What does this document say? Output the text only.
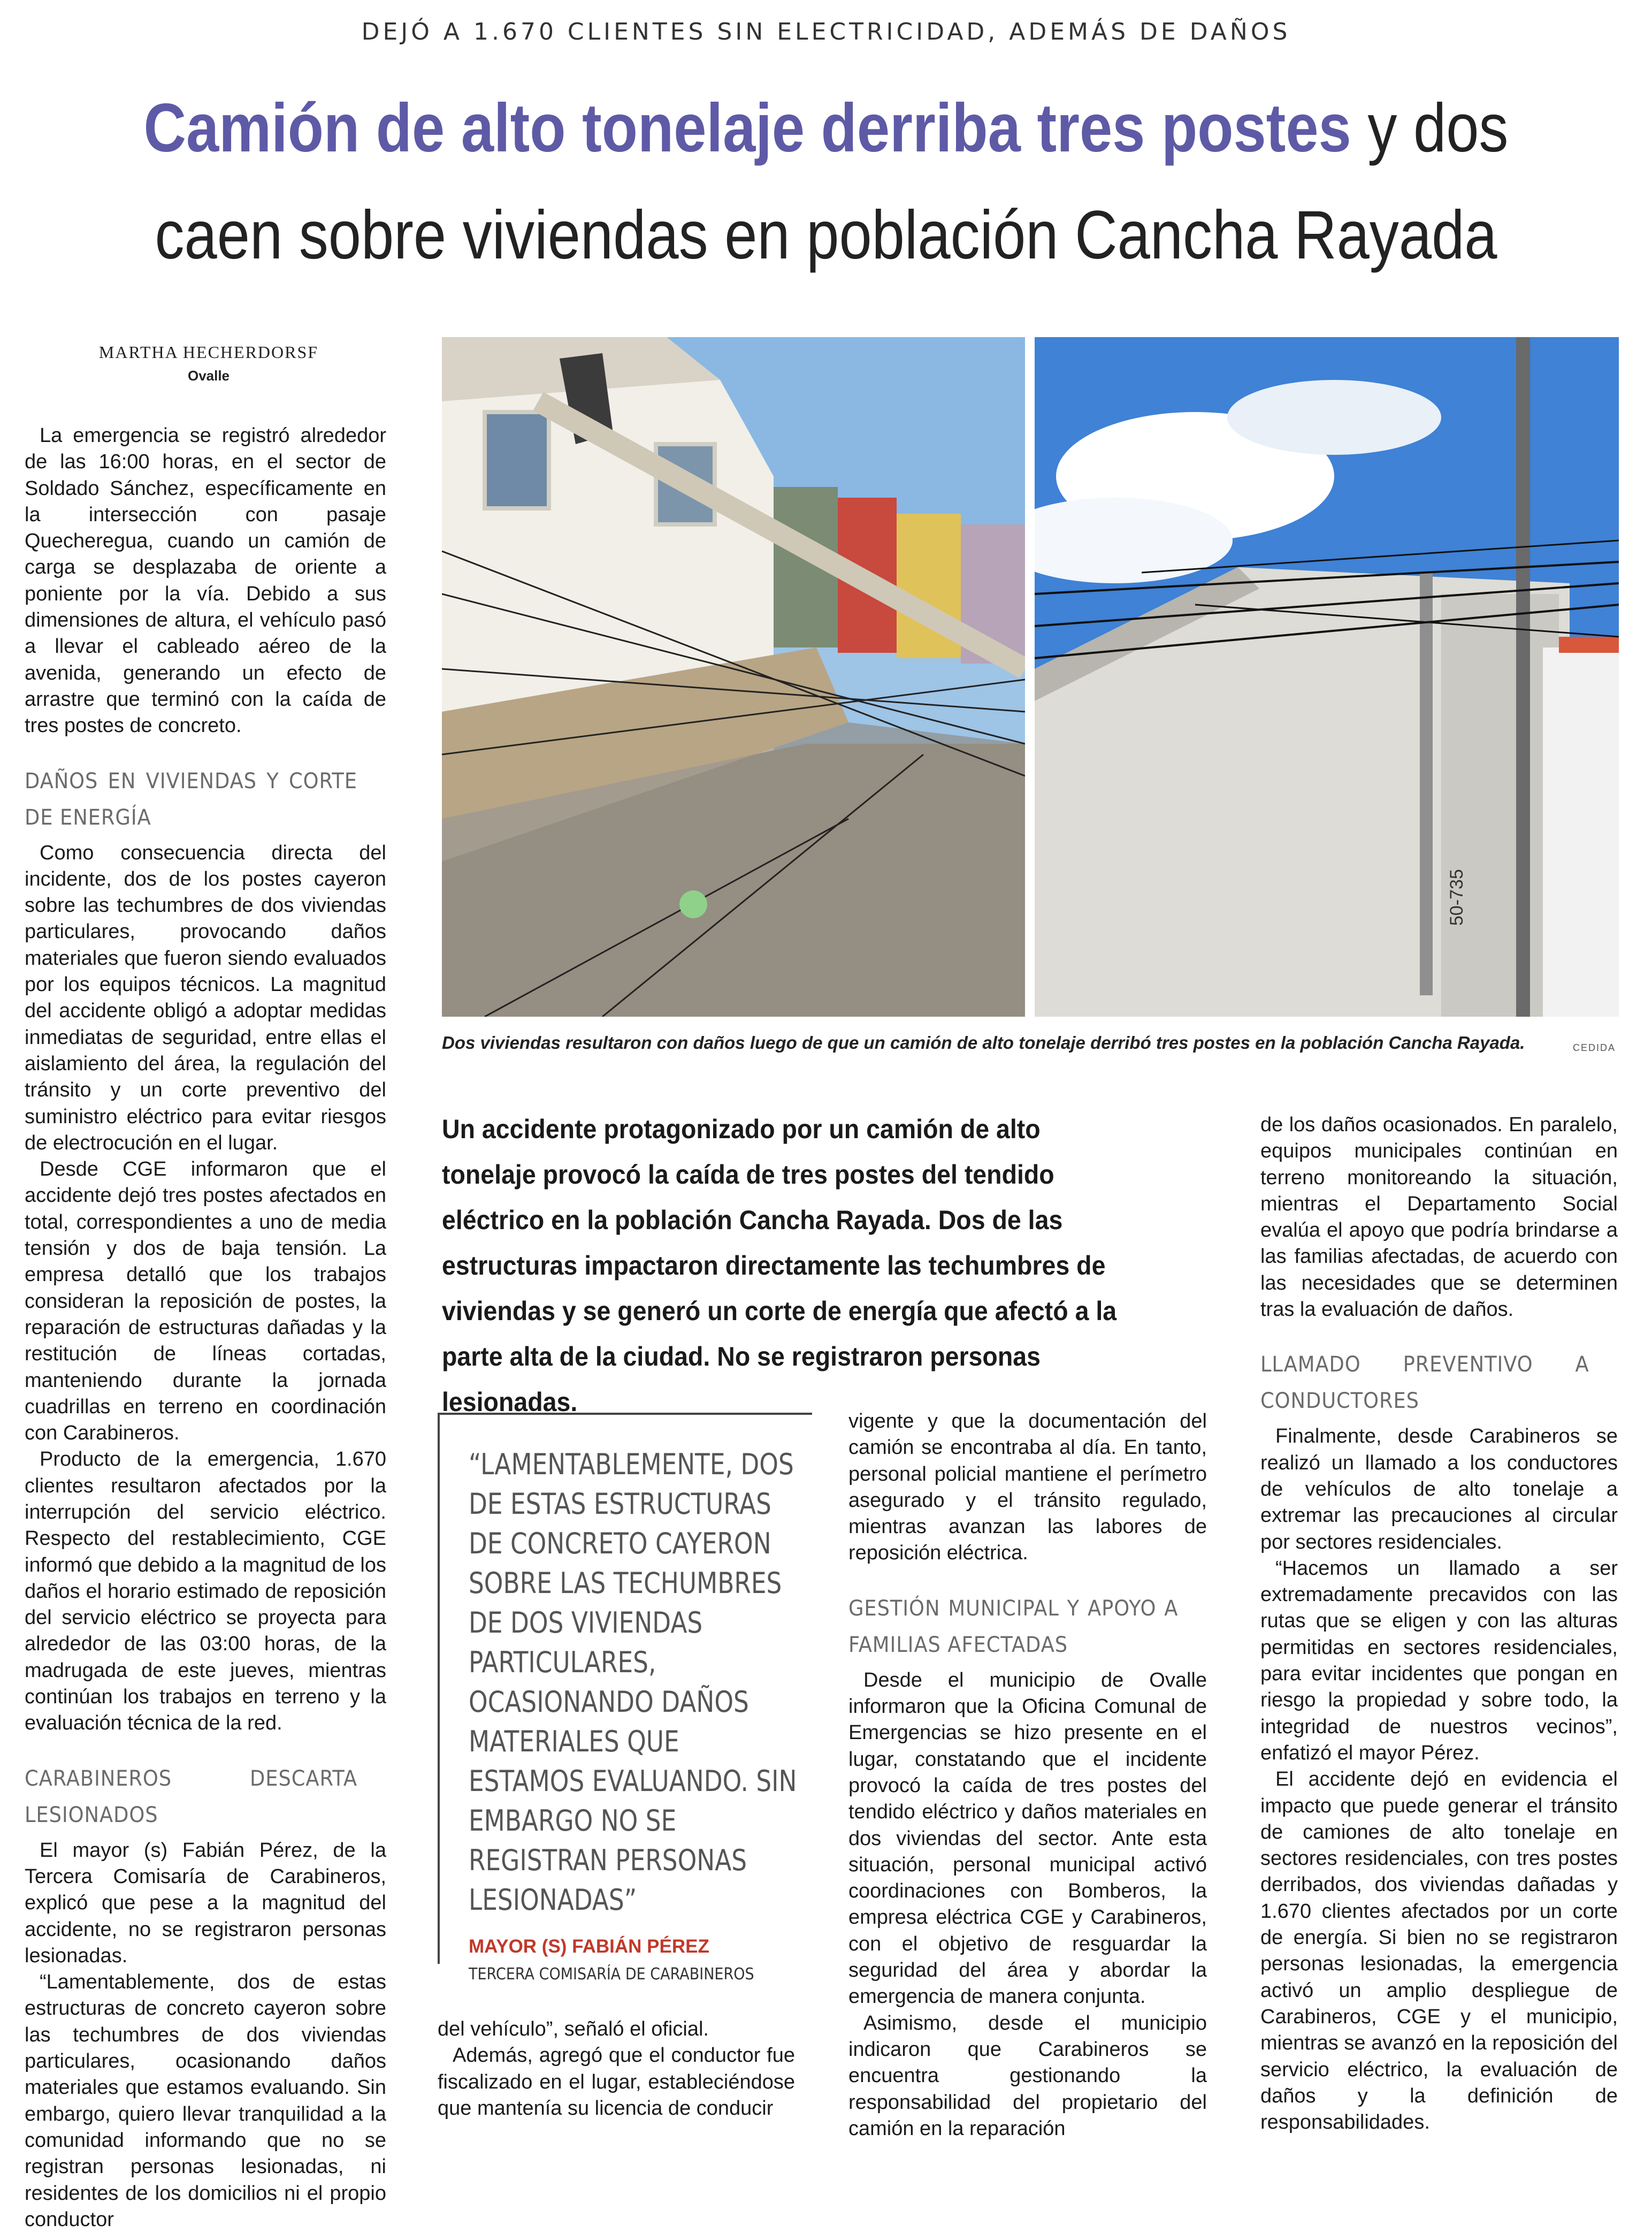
DEJÓ A 1.670 CLIENTES SIN ELECTRICIDAD, ADEMÁS DE DAÑOS
Camión de alto tonelaje derriba tres postes y dos caen sobre viviendas en población Cancha Rayada
MARTHA HECHERDORSF
Ovalle

La emergencia se registró alrededor de las 16:00 horas, en el sector de Soldado Sánchez, específicamente en la intersección con pasaje Quecheregua, cuando un camión de carga se desplazaba de oriente a poniente por la vía. Debido a sus dimensiones de altura, el vehículo pasó a llevar el cableado aéreo de la avenida, generando un efecto de arrastre que terminó con la caída de tres postes de concreto.

DAÑOS EN VIVIENDAS Y CORTE DE ENERGÍA

Como consecuencia directa del incidente, dos de los postes cayeron sobre las techumbres de dos viviendas particulares, provocando daños materiales que fueron siendo evaluados por los equipos técnicos. La magnitud del accidente obligó a adoptar medidas inmediatas de seguridad, entre ellas el aislamiento del área, la regulación del tránsito y un corte preventivo del suministro eléctrico para evitar riesgos de electrocución en el lugar.

Desde CGE informaron que el accidente dejó tres postes afectados en total, correspondientes a uno de media tensión y dos de baja tensión. La empresa detalló que los trabajos consideran la reposición de postes, la reparación de estructuras dañadas y la restitución de líneas cortadas, manteniendo durante la jornada cuadrillas en terreno en coordinación con Carabineros.

Producto de la emergencia, 1.670 clientes resultaron afectados por la interrupción del servicio eléctrico. Respecto del restablecimiento, CGE informó que debido a la magnitud de los daños el horario estimado de reposición del servicio eléctrico se proyecta para alrededor de las 03:00 horas, de la madrugada de este jueves, mientras continúan los trabajos en terreno y la evaluación técnica de la red.

CARABINEROS DESCARTA LESIONADOS

El mayor (s) Fabián Pérez, de la Tercera Comisaría de Carabineros, explicó que pese a la magnitud del accidente, no se registraron personas lesionadas.

“Lamentablemente, dos de estas estructuras de concreto cayeron sobre las techumbres de dos viviendas particulares, ocasionando daños materiales que estamos evaluando. Sin embargo, quiero llevar tranquilidad a la comunidad informando que no se registran personas lesionadas, ni residentes de los domicilios ni el propio conductor

50-735
Dos viviendas resultaron con daños luego de que un camión de alto tonelaje derribó tres postes en la población Cancha Rayada.	CEDIDA
Un accidente protagonizado por un camión de alto tonelaje provocó la caída de tres postes del tendido eléctrico en la población Cancha Rayada. Dos de las estructuras impactaron directamente las techumbres de viviendas y se generó un corte de energía que afectó a la parte alta de la ciudad. No se registraron personas lesionadas.
“LAMENTABLEMENTE, DOS DE ESTAS ESTRUCTURAS DE CONCRETO CAYERON SOBRE LAS TECHUMBRES DE DOS VIVIENDAS PARTICULARES, OCASIONANDO DAÑOS MATERIALES QUE ESTAMOS EVALUANDO. SIN EMBARGO NO SE REGISTRAN PERSONAS LESIONADAS”
MAYOR (S) FABIÁN PÉREZ
TERCERA COMISARÍA DE CARABINEROS

del vehículo”, señaló el oficial.

Además, agregó que el conductor fue fiscalizado en el lugar, estableciéndose que mantenía su licencia de conducir

vigente y que la documentación del camión se encontraba al día. En tanto, personal policial mantiene el perímetro asegurado y el tránsito regulado, mientras avanzan las labores de reposición eléctrica.

GESTIÓN MUNICIPAL Y APOYO A FAMILIAS AFECTADAS

Desde el municipio de Ovalle informaron que la Oficina Comunal de Emergencias se hizo presente en el lugar, constatando que el incidente provocó la caída de tres postes del tendido eléctrico y daños materiales en dos viviendas del sector. Ante esta situación, personal municipal activó coordinaciones con Bomberos, la empresa eléctrica CGE y Carabineros, con el objetivo de resguardar la seguridad del área y abordar la emergencia de manera conjunta.

Asimismo, desde el municipio indicaron que Carabineros se encuentra gestionando la responsabilidad del propietario del camión en la reparación

de los daños ocasionados. En paralelo, equipos municipales continúan en terreno monitoreando la situación, mientras el Departamento Social evalúa el apoyo que podría brindarse a las familias afectadas, de acuerdo con las necesidades que se determinen tras la evaluación de daños.

LLAMADO PREVENTIVO A CONDUCTORES

Finalmente, desde Carabineros se realizó un llamado a los conductores de vehículos de alto tonelaje a extremar las precauciones al circular por sectores residenciales.

“Hacemos un llamado a ser extremadamente precavidos con las rutas que se eligen y con las alturas permitidas en sectores residenciales, para evitar incidentes que pongan en riesgo la propiedad y sobre todo, la integridad de nuestros vecinos”, enfatizó el mayor Pérez.

El accidente dejó en evidencia el impacto que puede generar el tránsito de camiones de alto tonelaje en sectores residenciales, con tres postes derribados, dos viviendas dañadas y 1.670 clientes afectados por un corte de energía. Si bien no se registraron personas lesionadas, la emergencia activó un amplio despliegue de Carabineros, CGE y el municipio, mientras se avanzó en la reposición del servicio eléctrico, la evaluación de daños y la definición de responsabilidades.
